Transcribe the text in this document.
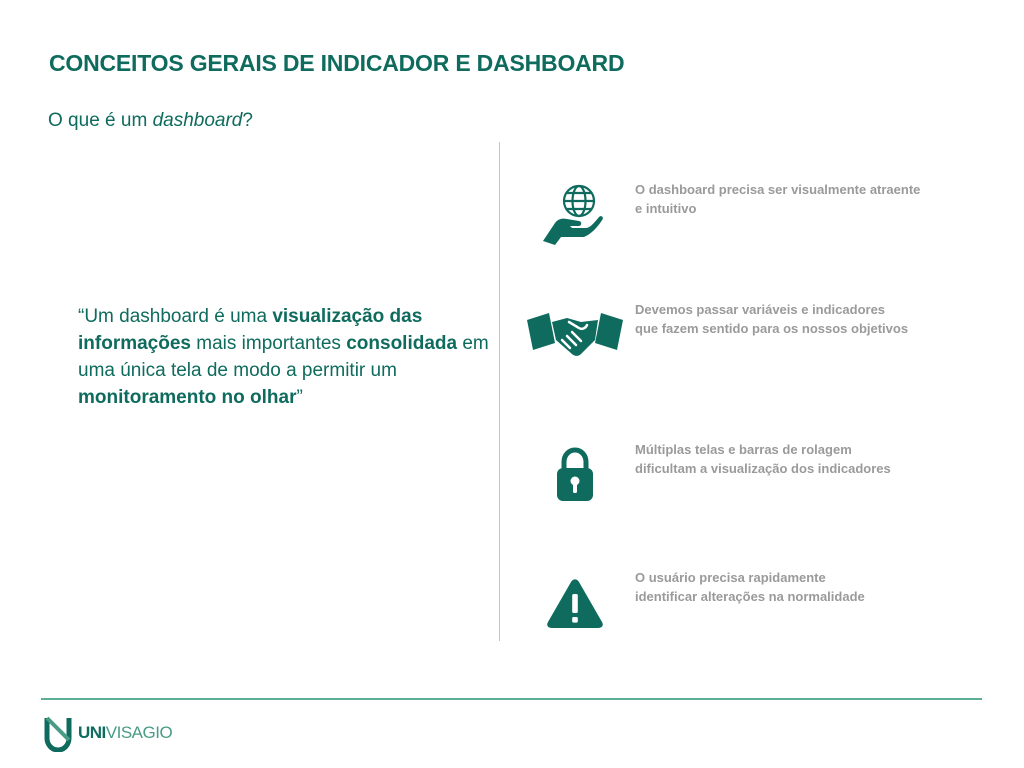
CONCEITOS GERAIS DE INDICADOR E DASHBOARD
O que é um dashboard?
“Um dashboard é uma visualização das informações mais importantes consolidada em uma única tela de modo a permitir um monitoramento no olhar”
O dashboard precisa ser visualmente atraente
e intuitivo
Devemos passar variáveis e indicadores
que fazem sentido para os nossos objetivos
Múltiplas telas e barras de rolagem
dificultam a visualização dos indicadores
O usuário precisa rapidamente
identificar alterações na normalidade
UNIVISAGIO
